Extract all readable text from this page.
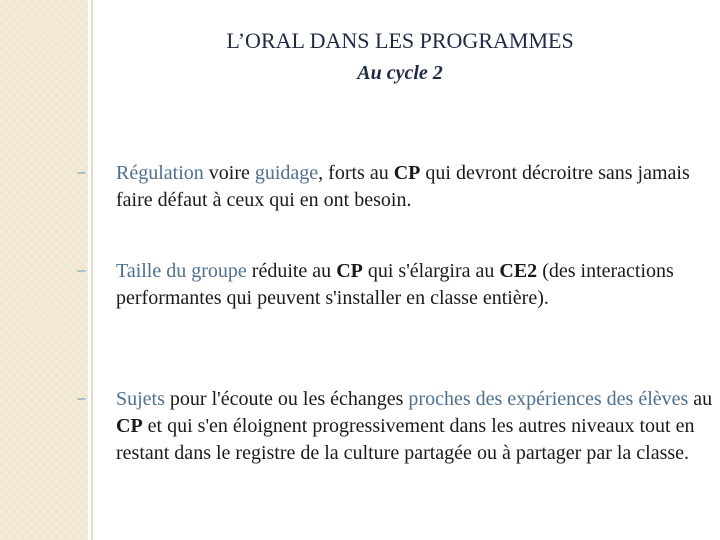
L’ORAL DANS LES PROGRAMMES
Au cycle 2
∽ Régulation voire guidage, forts au CP qui devront décroitre sans jamais faire défaut à ceux qui en ont besoin.
∽ Taille du groupe réduite au CP qui s'élargira au CE2 (des interactions performantes qui peuvent s'installer en classe entière).
∽ Sujets pour l'écoute ou les échanges proches des expériences des élèves au CP et qui s'en éloignent progressivement dans les autres niveaux tout en restant dans le registre de la culture partagée ou à partager par la classe.
